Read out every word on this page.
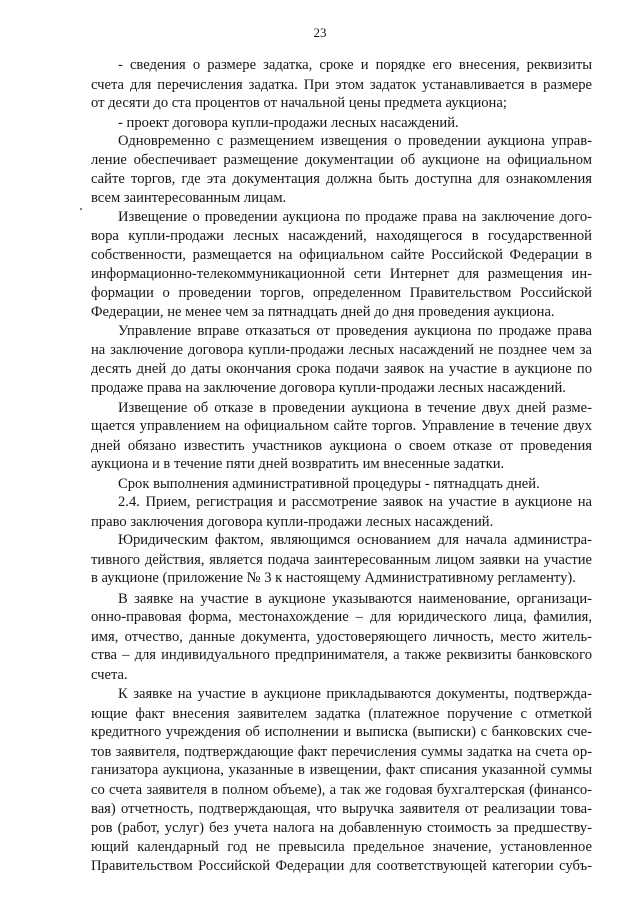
23
- сведения о размере задатка, сроке и порядке его внесения, реквизиты
счета для перечисления задатка. При этом задаток устанавливается в размере
от десяти до ста процентов от начальной цены предмета аукциона;
- проект договора купли-продажи лесных насаждений.
Одновременно с размещением извещения о проведении аукциона управ-
ление обеспечивает размещение документации об аукционе на официальном
сайте торгов, где эта документация должна быть доступна для ознакомления
всем заинтересованным лицам.
Извещение о проведении аукциона по продаже права на заключение дого-
вора купли-продажи лесных насаждений, находящегося в государственной
собственности, размещается на официальном сайте Российской Федерации в
информационно-телекоммуникационной сети Интернет для размещения ин-
формации о проведении торгов, определенном Правительством Российской
Федерации, не менее чем за пятнадцать дней до дня проведения аукциона.
Управление вправе отказаться от проведения аукциона по продаже права
на заключение договора купли-продажи лесных насаждений не позднее чем за
десять дней до даты окончания срока подачи заявок на участие в аукционе по
продаже права на заключение договора купли-продажи лесных насаждений.
Извещение об отказе в проведении аукциона в течение двух дней разме-
щается управлением на официальном сайте торгов. Управление в течение двух
дней обязано известить участников аукциона о своем отказе от проведения
аукциона и в течение пяти дней возвратить им внесенные задатки.
Срок выполнения административной процедуры - пятнадцать дней.
2.4. Прием, регистрация и рассмотрение заявок на участие в аукционе на
право заключения договора купли-продажи лесных насаждений.
Юридическим фактом, являющимся основанием для начала администра-
тивного действия, является подача заинтересованным лицом заявки на участие
в аукционе (приложение № 3 к настоящему Административному регламенту).
В заявке на участие в аукционе указываются наименование, организаци-
онно-правовая форма, местонахождение – для юридического лица, фамилия,
имя, отчество, данные документа, удостоверяющего личность, место житель-
ства – для индивидуального предпринимателя, а также реквизиты банковского
счета.
К заявке на участие в аукционе прикладываются документы, подтвержда-
ющие факт внесения заявителем задатка (платежное поручение с отметкой
кредитного учреждения об исполнении и выписка (выписки) с банковских сче-
тов заявителя, подтверждающие факт перечисления суммы задатка на счета ор-
ганизатора аукциона, указанные в извещении, факт списания указанной суммы
со счета заявителя в полном объеме), а так же годовая бухгалтерская (финансо-
вая) отчетность, подтверждающая, что выручка заявителя от реализации това-
ров (работ, услуг) без учета налога на добавленную стоимость за предшеству-
ющий календарный год не превысила предельное значение, установленное
Правительством Российской Федерации для соответствующей категории субъ-
